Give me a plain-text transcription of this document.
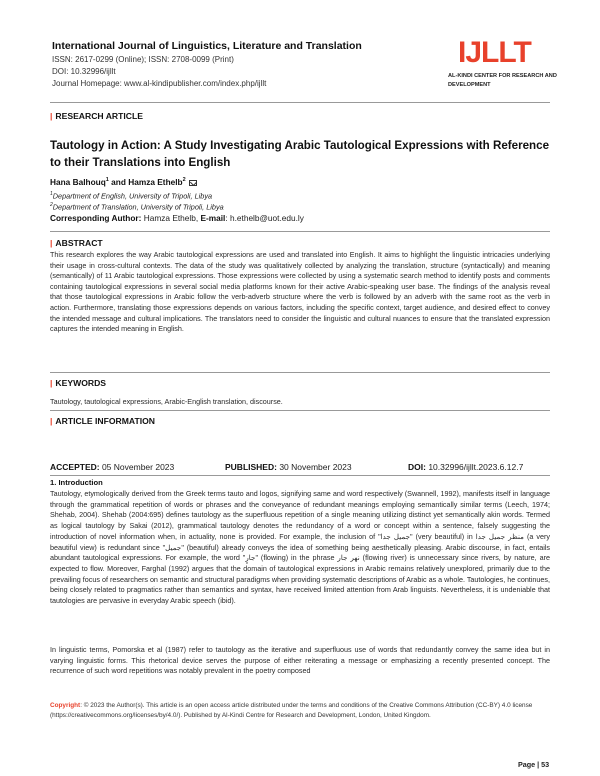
International Journal of Linguistics, Literature and Translation
ISSN: 2617-0299 (Online); ISSN: 2708-0099 (Print)
DOI: 10.32996/ijllt
Journal Homepage: www.al-kindipublisher.com/index.php/ijllt
IJLLT
AL-KINDI CENTER FOR RESEARCH AND DEVELOPMENT
| RESEARCH ARTICLE
Tautology in Action: A Study Investigating Arabic Tautological Expressions with Reference to their Translations into English
Hana Balhouq$^1$ and Hamza Ethelb$^2$
$^1$Department of English, University of Tripoli, Libya
$^2$Department of Translation, University of Tripoli, Libya
Corresponding Author: Hamza Ethelb, E-mail: h.ethelb@uot.edu.ly
| ABSTRACT
This research explores the way Arabic tautological expressions are used and translated into English. It aims to highlight the linguistic intricacies underlying their usage in cross-cultural contexts. The data of the study was qualitatively collected by analyzing the translation, structure (syntactically) and meaning (semantically) of 11 Arabic tautological expressions. Those expressions were collected by using a systematic search method to identify posts and comments containing tautological expressions in several social media platforms known for their active Arabic-speaking user base. The findings of the analysis reveal that those tautological expressions in Arabic follow the verb-adverb structure where the verb is followed by an adverb with the same root as the verb in action. Furthermore, translating those expressions depends on various factors, including the specific context, target audience, and desired effect to convey the intended message and cultural implications. The translators need to consider the linguistic and cultural nuances to ensure that the translated expression captures the intended meaning in English.
| KEYWORDS
Tautology, tautological expressions, Arabic-English translation, discourse.
| ARTICLE INFORMATION
ACCEPTED: 05 November 2023	PUBLISHED: 30 November 2023	DOI: 10.32996/ijllt.2023.6.12.7
1. Introduction
Tautology, etymologically derived from the Greek terms tauto and logos, signifying same and word respectively (Swannell, 1992), manifests itself in language through the grammatical repetition of words or phrases and the conveyance of redundant meanings employing semantically similar terms (Leech, 1974; Shehab, 2004). Shehab (2004:695) defines tautology as the superfluous repetition of a single meaning utilizing distinct yet semantically akin words. Termed as logical tautology by Sakai (2012), grammatical tautology denotes the redundancy of a word or concept within a sentence, falsely suggesting the introduction of novel information when, in actuality, none is provided. For example, the inclusion of "جميل جدا" (very beautiful) in منظر جميل جدا (a very beautiful view) is redundant since "جميل" (beautiful) already conveys the idea of something being aesthetically pleasing. Arabic discourse, in fact, entails abundant tautological expressions. For example, the word "جارٍ" (flowing) in the phrase نهر جار (flowing river) is unnecessary since rivers, by nature, are expected to flow. Moreover, Farghal (1992) argues that the domain of tautological expressions in Arabic remains relatively unexplored, primarily due to the prevailing focus of researchers on semantic and structural paradigms when providing systematic descriptions of Arabic as a whole. Tautologies, he continues, being closely related to pragmatics rather than semantics and syntax, have received limited attention from Arab linguists. Nevertheless, it is undeniable that tautologies are pervasive in everyday Arabic speech (ibid).
In linguistic terms, Pomorska et al (1987) refer to tautology as the iterative and superfluous use of words that redundantly convey the same idea but in varying linguistic forms. This rhetorical device serves the purpose of either reiterating a message or emphasizing a recently presented concept. The recurrence of such word repetitions was notably prevalent in the poetry composed
Copyright: © 2023 the Author(s). This article is an open access article distributed under the terms and conditions of the Creative Commons Attribution (CC-BY) 4.0 license (https://creativecommons.org/licenses/by/4.0/). Published by Al-Kindi Centre for Research and Development, London, United Kingdom.
Page | 53
